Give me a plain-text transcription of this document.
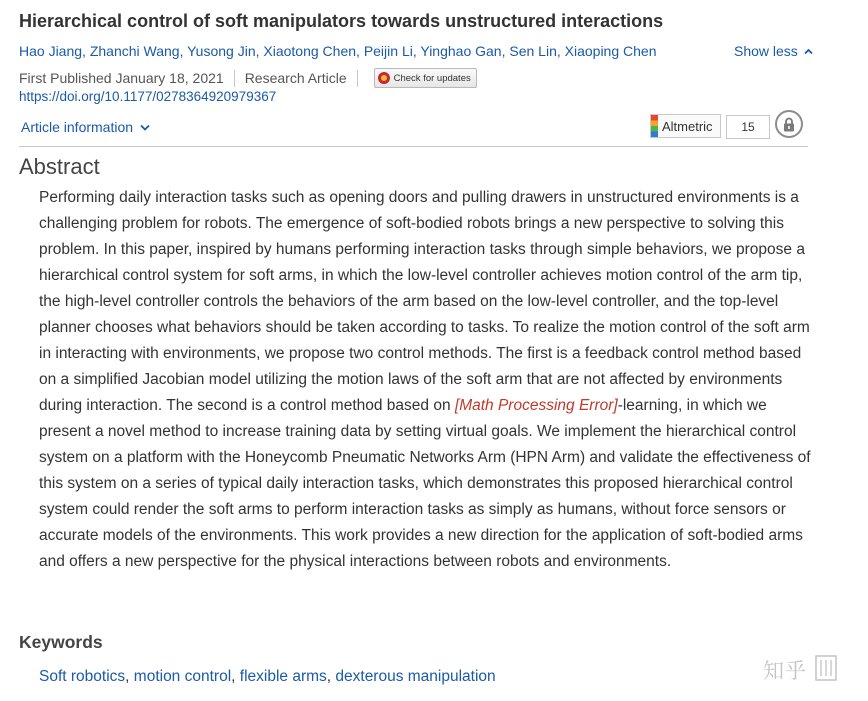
Hierarchical control of soft manipulators towards unstructured interactions
Hao Jiang, Zhanchi Wang, Yusong Jin, Xiaotong Chen, Peijin Li, Yinghao Gan, Sen Lin, Xiaoping Chen	Show less
First Published January 18, 2021 Research Article	Check for updates
https://doi.org/10.1177/0278364920979367
Article information	Altmetric	15
Abstract

Performing daily interaction tasks such as opening doors and pulling drawers in unstructured environments is a challenging problem for robots. The emergence of soft-bodied robots brings a new perspective to solving this problem. In this paper, inspired by humans performing interaction tasks through simple behaviors, we propose a hierarchical control system for soft arms, in which the low-level controller achieves motion control of the arm tip, the high-level controller controls the behaviors of the arm based on the low-level controller, and the top-level planner chooses what behaviors should be taken according to tasks. To realize the motion control of the soft arm in interacting with environments, we propose two control methods. The first is a feedback control method based on a simplified Jacobian model utilizing the motion laws of the soft arm that are not affected by environments during interaction. The second is a control method based on [Math Processing Error]-learning, in which we present a novel method to increase training data by setting virtual goals. We implement the hierarchical control system on a platform with the Honeycomb Pneumatic Networks Arm (HPN Arm) and validate the effectiveness of this system on a series of typical daily interaction tasks, which demonstrates this proposed hierarchical control system could render the soft arms to perform interaction tasks as simply as humans, without force sensors or accurate models of the environments. This work provides a new direction for the application of soft-bodied arms and offers a new perspective for the physical interactions between robots and environments.

Keywords
Soft robotics, motion control, flexible arms, dexterous manipulation	知乎
